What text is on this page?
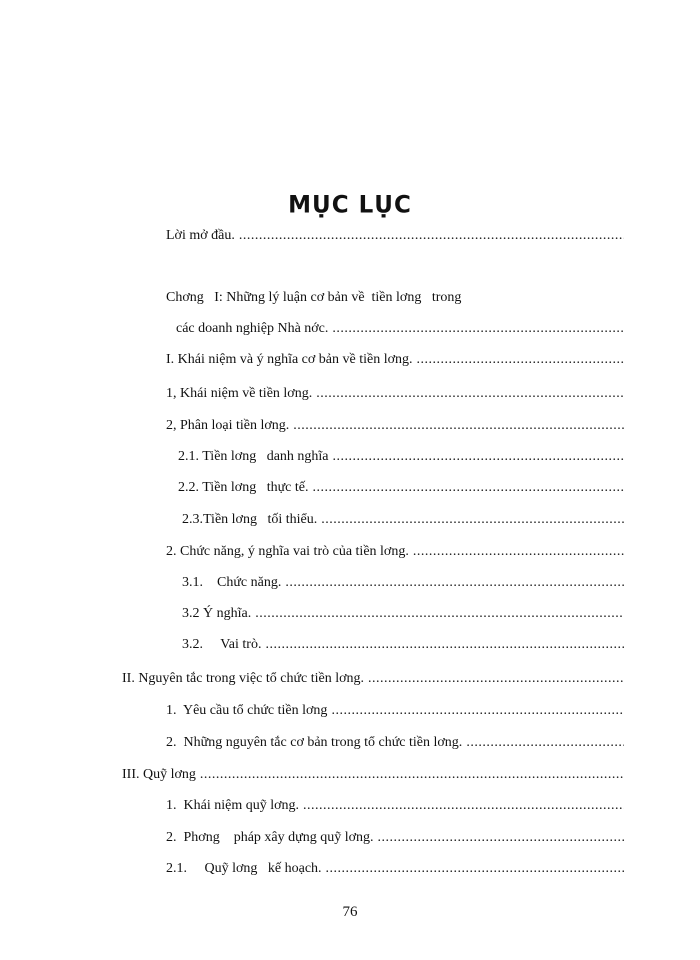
MỤC LỤC
Lời mở đầu.
.....
Chơng   I: Những lý luận cơ bản về  tiền lơng   trong
các doanh nghiệp Nhà nớc.
.....
I. Khái niệm và ý nghĩa cơ bản về tiền lơng.
.....
1, Khái niệm về tiền lơng.
.....
2, Phân loại tiền lơng.
.....
2.1. Tiền lơng   danh nghĩa
.....
2.2. Tiền lơng   thực tế.
.....
2.3.Tiền lơng   tối thiểu.
.....
2. Chức năng, ý nghĩa vai trò của tiền lơng.
.....
3.1.    Chức năng.
.....
3.2 Ý nghĩa.
.....
3.2.     Vai trò.
.....
II. Nguyên tắc trong việc tổ chức tiền lơng.
.....
1.  Yêu cầu tổ chức tiền lơng
.....
2.  Những nguyên tắc cơ bản trong tổ chức tiền lơng.
.....
III. Quỹ lơng
.....
1.  Khái niệm quỹ lơng.
.....
2.  Phơng    pháp xây dựng quỹ lơng.
.....
2.1.     Quỹ lơng   kế hoạch.
.....
76
